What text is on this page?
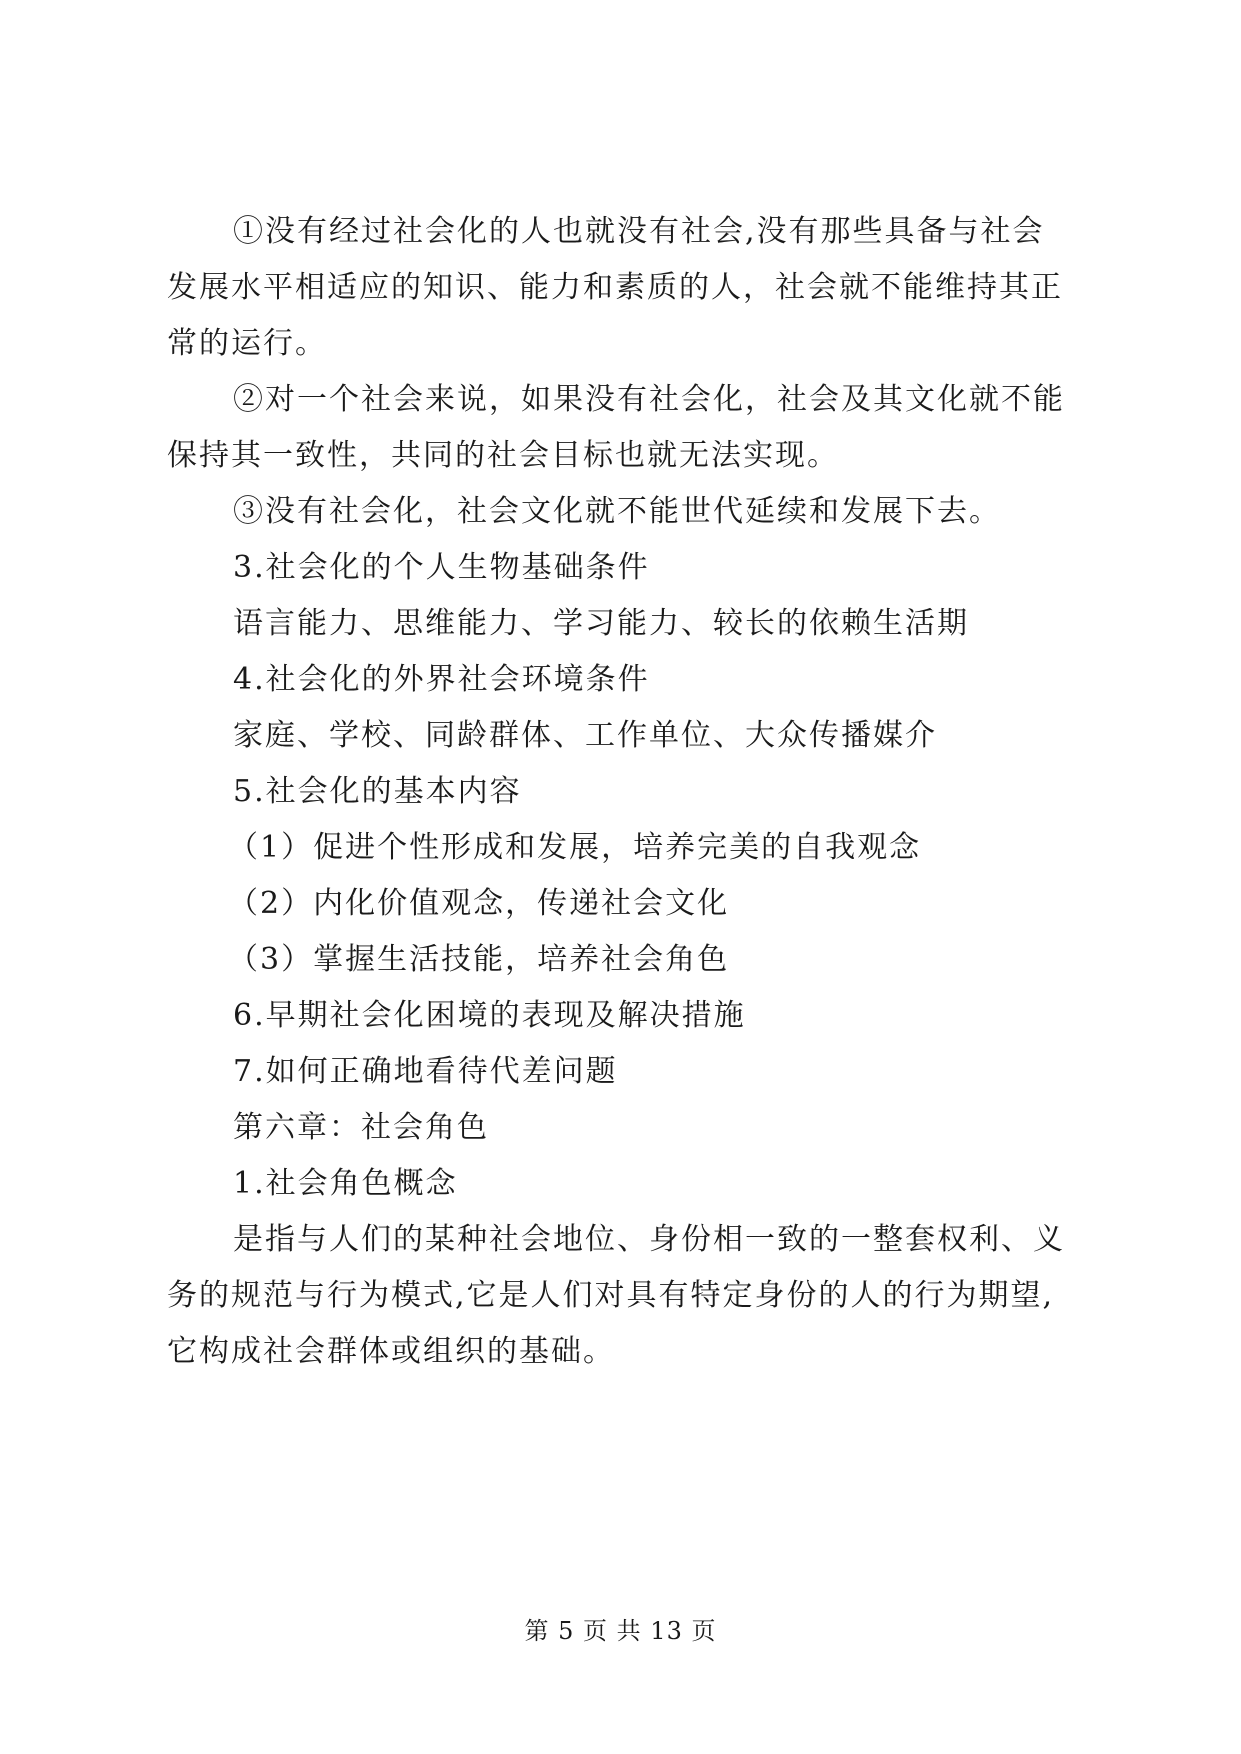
①没有经过社会化的人也就没有社会,没有那些具备与社会
发展水平相适应的知识、能力和素质的人，社会就不能维持其正
常的运行。
②对一个社会来说，如果没有社会化，社会及其文化就不能
保持其一致性，共同的社会目标也就无法实现。
③没有社会化，社会文化就不能世代延续和发展下去。
3.社会化的个人生物基础条件
语言能力、思维能力、学习能力、较长的依赖生活期
4.社会化的外界社会环境条件
家庭、学校、同龄群体、工作单位、大众传播媒介
5.社会化的基本内容
（1）促进个性形成和发展，培养完美的自我观念
（2）内化价值观念，传递社会文化
（3）掌握生活技能，培养社会角色
6.早期社会化困境的表现及解决措施
7.如何正确地看待代差问题
第六章：社会角色
1.社会角色概念
是指与人们的某种社会地位、身份相一致的一整套权利、义
务的规范与行为模式,它是人们对具有特定身份的人的行为期望,
它构成社会群体或组织的基础。
第 5 页 共 13 页
